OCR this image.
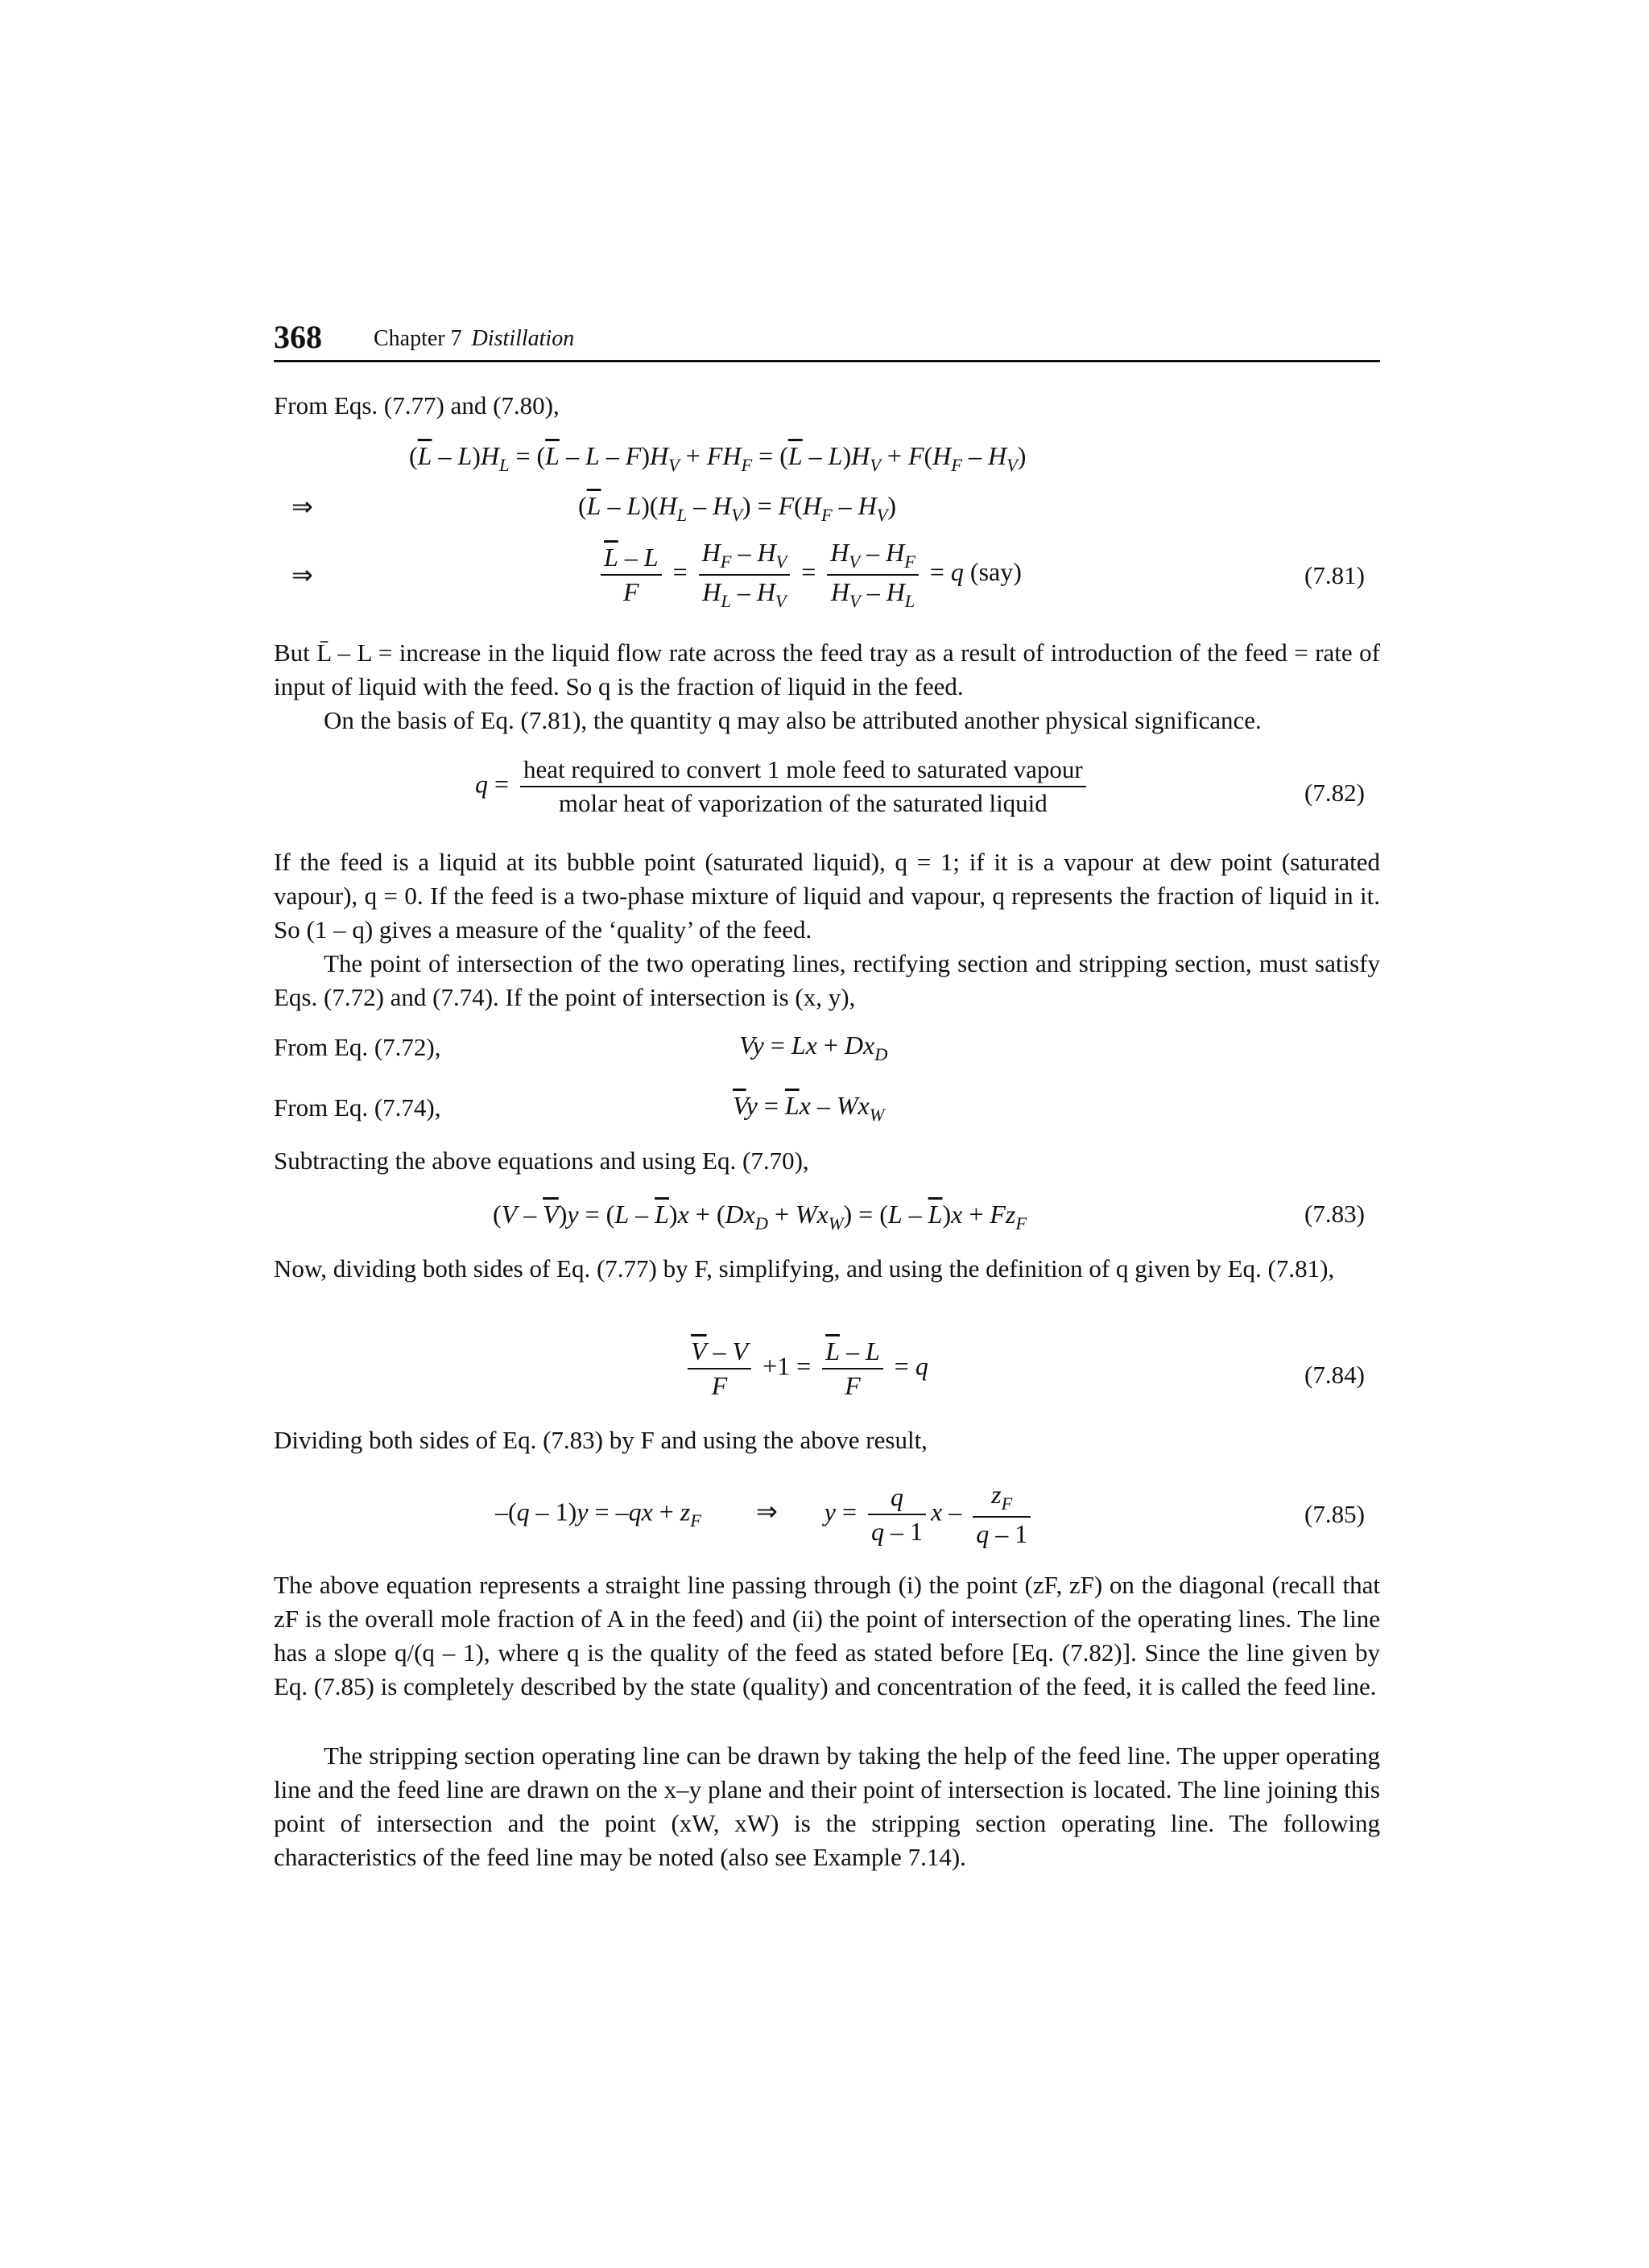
368 Chapter 7 Distillation
From Eqs. (7.77) and (7.80),
$(\overline{L} - L)H_L = (\overline{L} - L - F)H_V + FH_F = (\overline{L} - L)H_V + F(H_F - H_V)$
⇒	$(\overline{L} - L)(H_L - H_V) = F(H_F - H_V)$
⇒	$\frac{\overline{L} - L}{F} = \frac{H_F - H_V}{H_L - H_V} = \frac{H_V - H_F}{H_V - H_L} = q$ (say)	(7.81)
But L̄ – L = increase in the liquid flow rate across the feed tray as a result of introduction of the feed = rate of input of liquid with the feed. So q is the fraction of liquid in the feed.
On the basis of Eq. (7.81), the quantity q may also be attributed another physical significance.
$q = \frac{\text{heat required to convert 1 mole feed to saturated vapour}}{\text{molar heat of vaporization of the saturated liquid}}$	(7.82)
If the feed is a liquid at its bubble point (saturated liquid), q = 1; if it is a vapour at dew point (saturated vapour), q = 0. If the feed is a two-phase mixture of liquid and vapour, q represents the fraction of liquid in it. So (1 – q) gives a measure of the ‘quality’ of the feed.
The point of intersection of the two operating lines, rectifying section and stripping section, must satisfy Eqs. (7.72) and (7.74). If the point of intersection is (x, y),
From Eq. (7.72),	$Vy = Lx + Dx_D$
From Eq. (7.74),	$\overline{V}y = \overline{L}x - Wx_W$
Subtracting the above equations and using Eq. (7.70),
$(V - \overline{V})y = (L - \overline{L})x + (Dx_D + Wx_W) = (L - \overline{L})x + Fz_F$	(7.83)
Now, dividing both sides of Eq. (7.77) by F, simplifying, and using the definition of q given by Eq. (7.81),
$\frac{\overline{V} - V}{F} +1 = \frac{\overline{L} - L}{F} = q$	(7.84)
Dividing both sides of Eq. (7.83) by F and using the above result,
$-(q - 1)y = -qx + z_F$ ⇒ $y = \frac{q}{q - 1}$ x – $\frac{z_F}{q - 1}$	(7.85)
The above equation represents a straight line passing through (i) the point (zF, zF) on the diagonal (recall that zF is the overall mole fraction of A in the feed) and (ii) the point of intersection of the operating lines. The line has a slope q/(q – 1), where q is the quality of the feed as stated before [Eq. (7.82)]. Since the line given by Eq. (7.85) is completely described by the state (quality) and concentration of the feed, it is called the feed line.
The stripping section operating line can be drawn by taking the help of the feed line. The upper operating line and the feed line are drawn on the x–y plane and their point of intersection is located. The line joining this point of intersection and the point (xW, xW) is the stripping section operating line. The following characteristics of the feed line may be noted (also see Example 7.14).
